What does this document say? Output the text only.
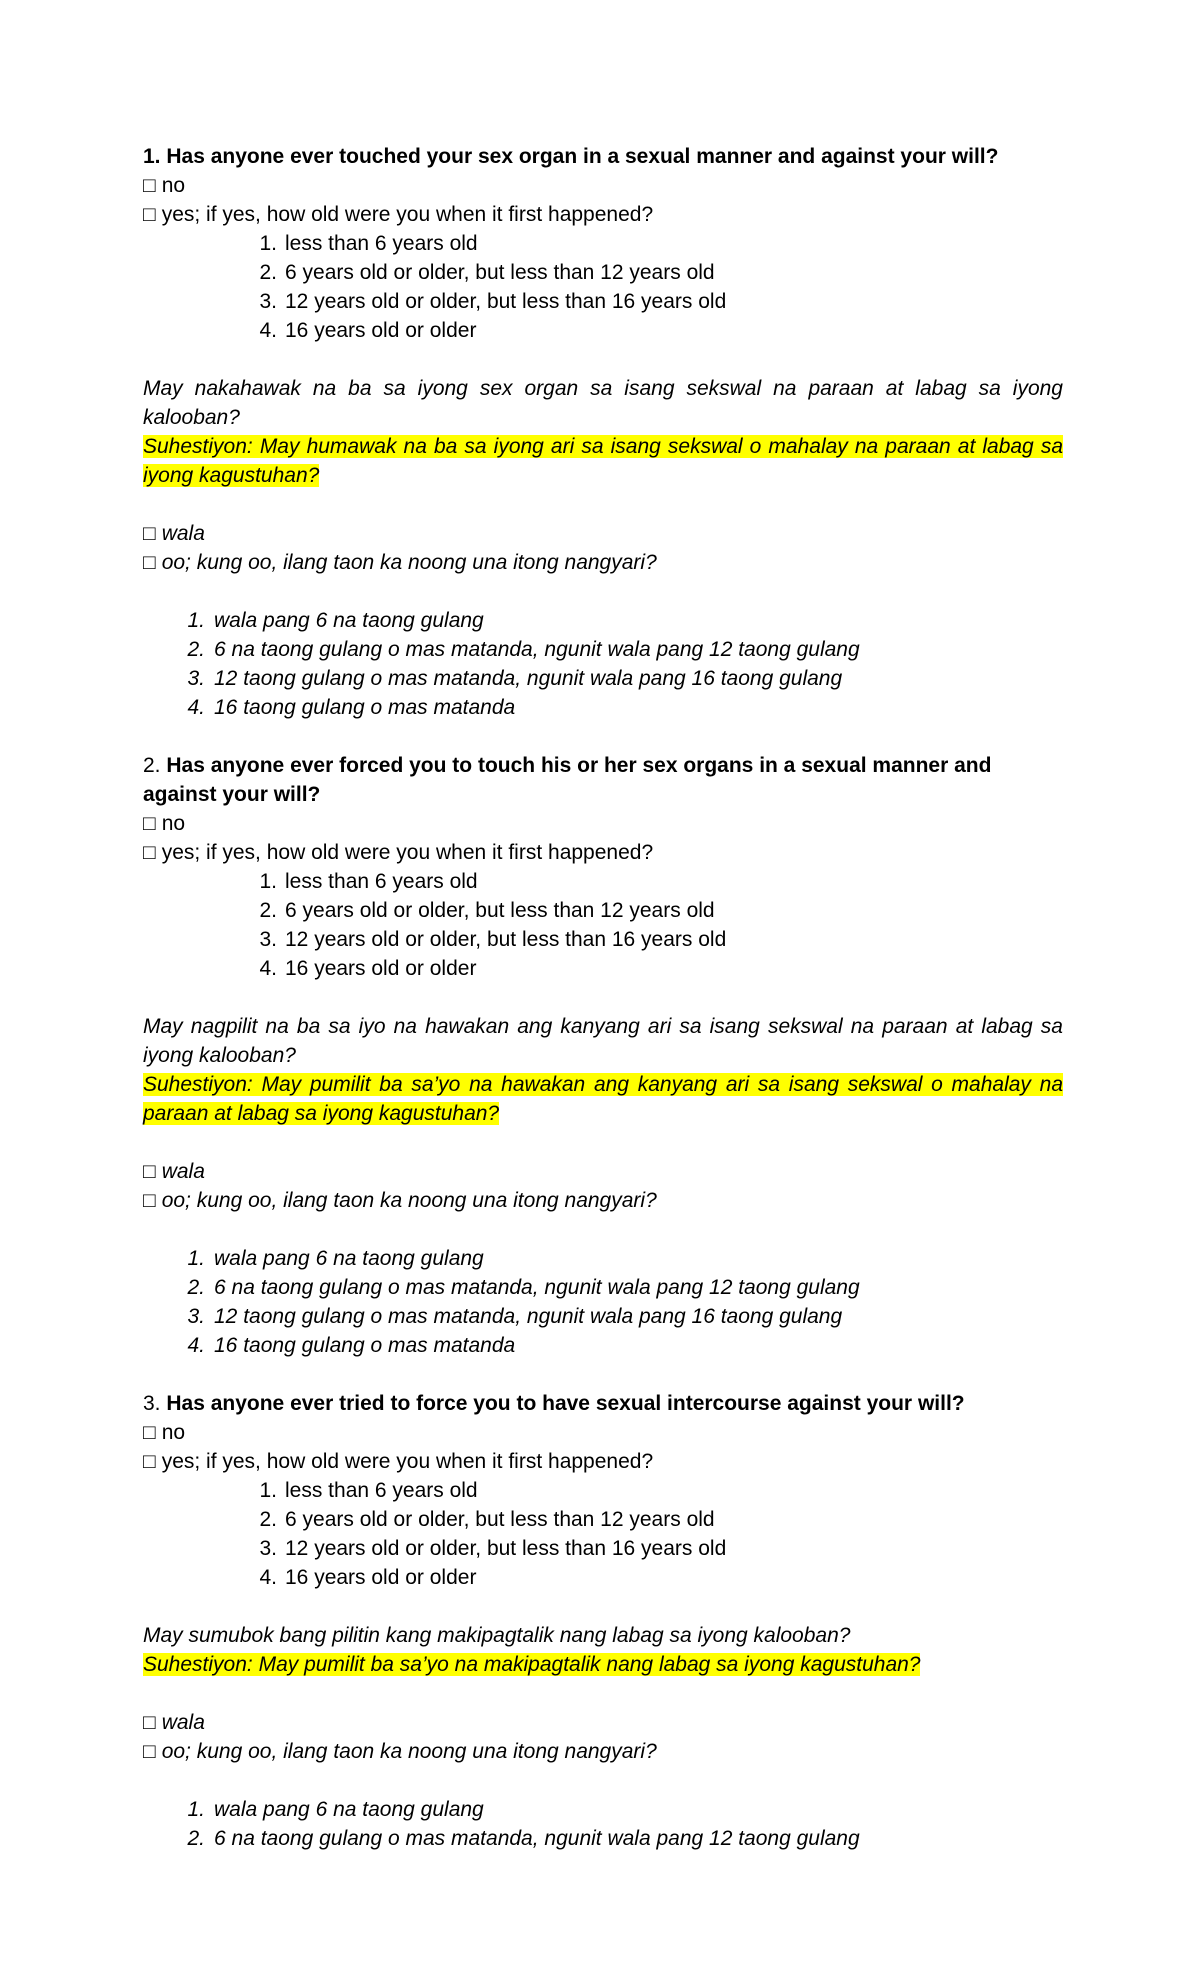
1. Has anyone ever touched your sex organ in a sexual manner and against your will?
□ no
□ yes; if yes, how old were you when it first happened?
1. less than 6 years old
2. 6 years old or older, but less than 12 years old
3. 12 years old or older, but less than 16 years old
4. 16 years old or older
May nakahawak na ba sa iyong sex organ sa isang sekswal na paraan at labag sa iyong kalooban?
Suhestiyon: May humawak na ba sa iyong ari sa isang sekswal o mahalay na paraan at labag sa iyong kagustuhan?
□ wala
□ oo; kung oo, ilang taon ka noong una itong nangyari?
1. wala pang 6 na taong gulang
2. 6 na taong gulang o mas matanda, ngunit wala pang 12 taong gulang
3. 12 taong gulang o mas matanda, ngunit wala pang 16 taong gulang
4. 16 taong gulang o mas matanda
2. Has anyone ever forced you to touch his or her sex organs in a sexual manner and against your will?
□ no
□ yes; if yes, how old were you when it first happened?
1. less than 6 years old
2. 6 years old or older, but less than 12 years old
3. 12 years old or older, but less than 16 years old
4. 16 years old or older
May nagpilit na ba sa iyo na hawakan ang kanyang ari sa isang sekswal na paraan at labag sa iyong kalooban?
Suhestiyon: May pumilit ba sa’yo na hawakan ang kanyang ari sa isang sekswal o mahalay na paraan at labag sa iyong kagustuhan?
□ wala
□ oo; kung oo, ilang taon ka noong una itong nangyari?
1. wala pang 6 na taong gulang
2. 6 na taong gulang o mas matanda, ngunit wala pang 12 taong gulang
3. 12 taong gulang o mas matanda, ngunit wala pang 16 taong gulang
4. 16 taong gulang o mas matanda
3. Has anyone ever tried to force you to have sexual intercourse against your will?
□ no
□ yes; if yes, how old were you when it first happened?
1. less than 6 years old
2. 6 years old or older, but less than 12 years old
3. 12 years old or older, but less than 16 years old
4. 16 years old or older
May sumubok bang pilitin kang makipagtalik nang labag sa iyong kalooban?
Suhestiyon: May pumilit ba sa’yo na makipagtalik nang labag sa iyong kagustuhan?
□ wala
□ oo; kung oo, ilang taon ka noong una itong nangyari?
1. wala pang 6 na taong gulang
2. 6 na taong gulang o mas matanda, ngunit wala pang 12 taong gulang
